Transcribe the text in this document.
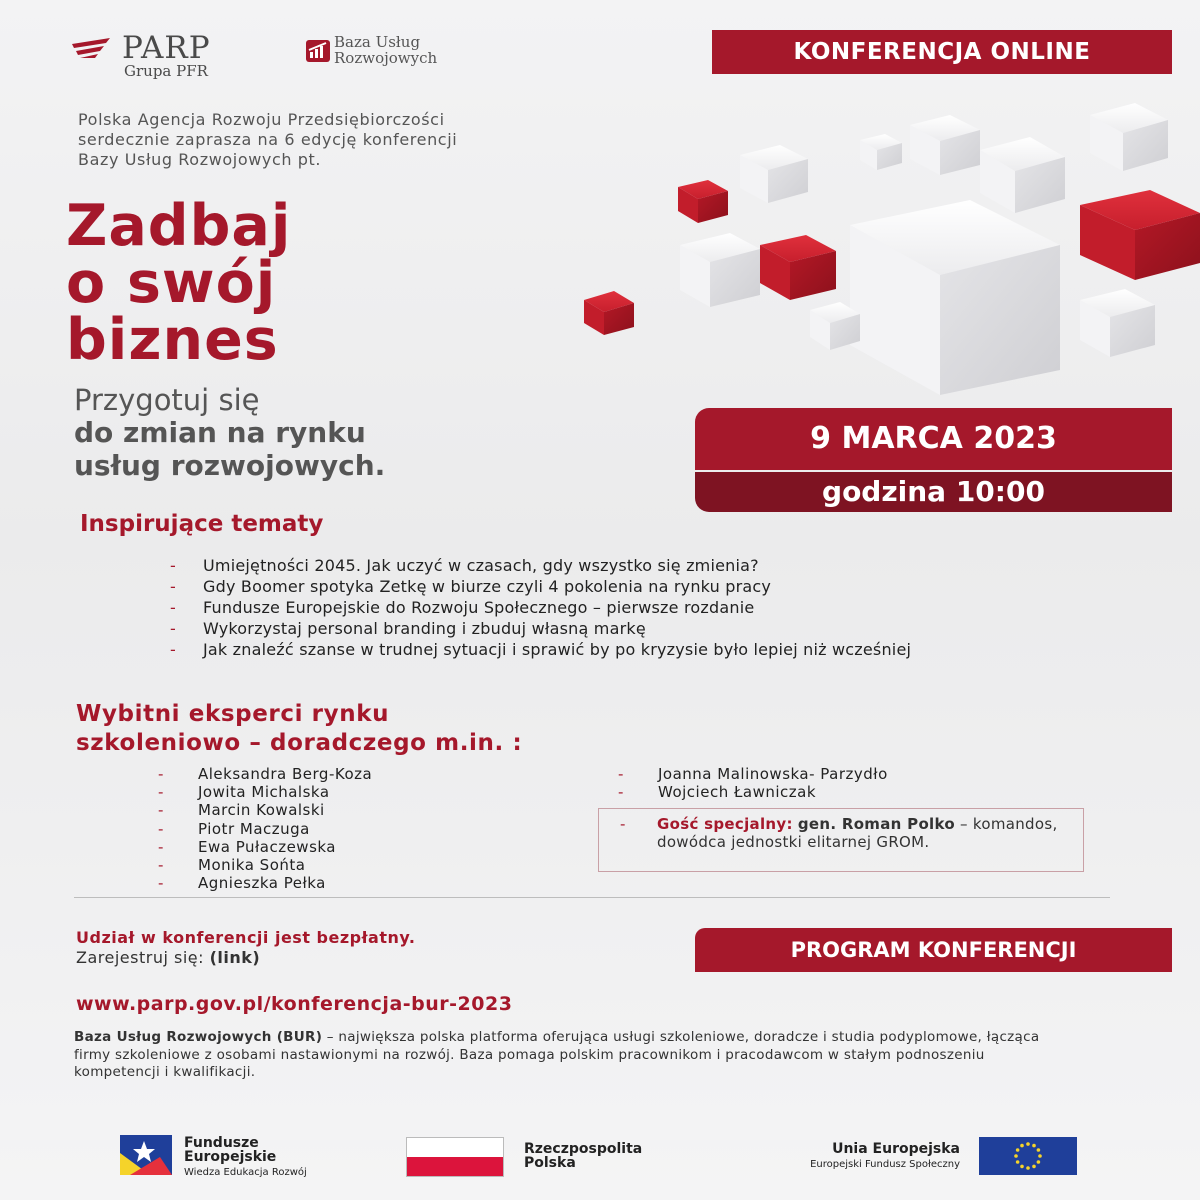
PARP
Grupa PFR
Baza Usług
Rozwojowych	KONFERENCJA ONLINE
Polska Agencja Rozwoju Przedsiębiorczości
serdecznie zaprasza na 6 edycję konferencji
Bazy Usług Rozwojowych pt.
Zadbaj
o swój
biznes
Przygotuj się
do zmian na rynku
usług rozwojowych.
9 MARCA 2023
godzina 10:00
Inspirujące tematy
- Umiejętności 2045. Jak uczyć w czasach, gdy wszystko się zmienia?
- Gdy Boomer spotyka Zetkę w biurze czyli 4 pokolenia na rynku pracy
- Fundusze Europejskie do Rozwoju Społecznego – pierwsze rozdanie
- Wykorzystaj personal branding i zbuduj własną markę
- Jak znaleźć szanse w trudnej sytuacji i sprawić by po kryzysie było lepiej niż wcześniej
Wybitni eksperci rynku
szkoleniowo – doradczego m.in. :
- Aleksandra Berg-Koza
- Jowita Michalska
- Marcin Kowalski
- Piotr Maczuga
- Ewa Pułaczewska
- Monika Sońta
- Agnieszka Pełka
- Joanna Malinowska- Parzydło
- Wojciech Ławniczak
- Gość specjalny: gen. Roman Polko – komandos, dowódca jednostki elitarnej GROM.
Udział w konferencji jest bezpłatny.
Zarejestruj się: (link)	PROGRAM KONFERENCJI
www.parp.gov.pl/konferencja-bur-2023
Baza Usług Rozwojowych (BUR) – największa polska platforma oferująca usługi szkoleniowe, doradcze i studia podyplomowe, łącząca firmy szkoleniowe z osobami nastawionymi na rozwój. Baza pomaga polskim pracownikom i pracodawcom w stałym podnoszeniu kompetencji i kwalifikacji.
Fundusze
Europejskie
Wiedza Edukacja Rozwój
Rzeczpospolita
Polska
Unia Europejska
Europejski Fundusz Społeczny
